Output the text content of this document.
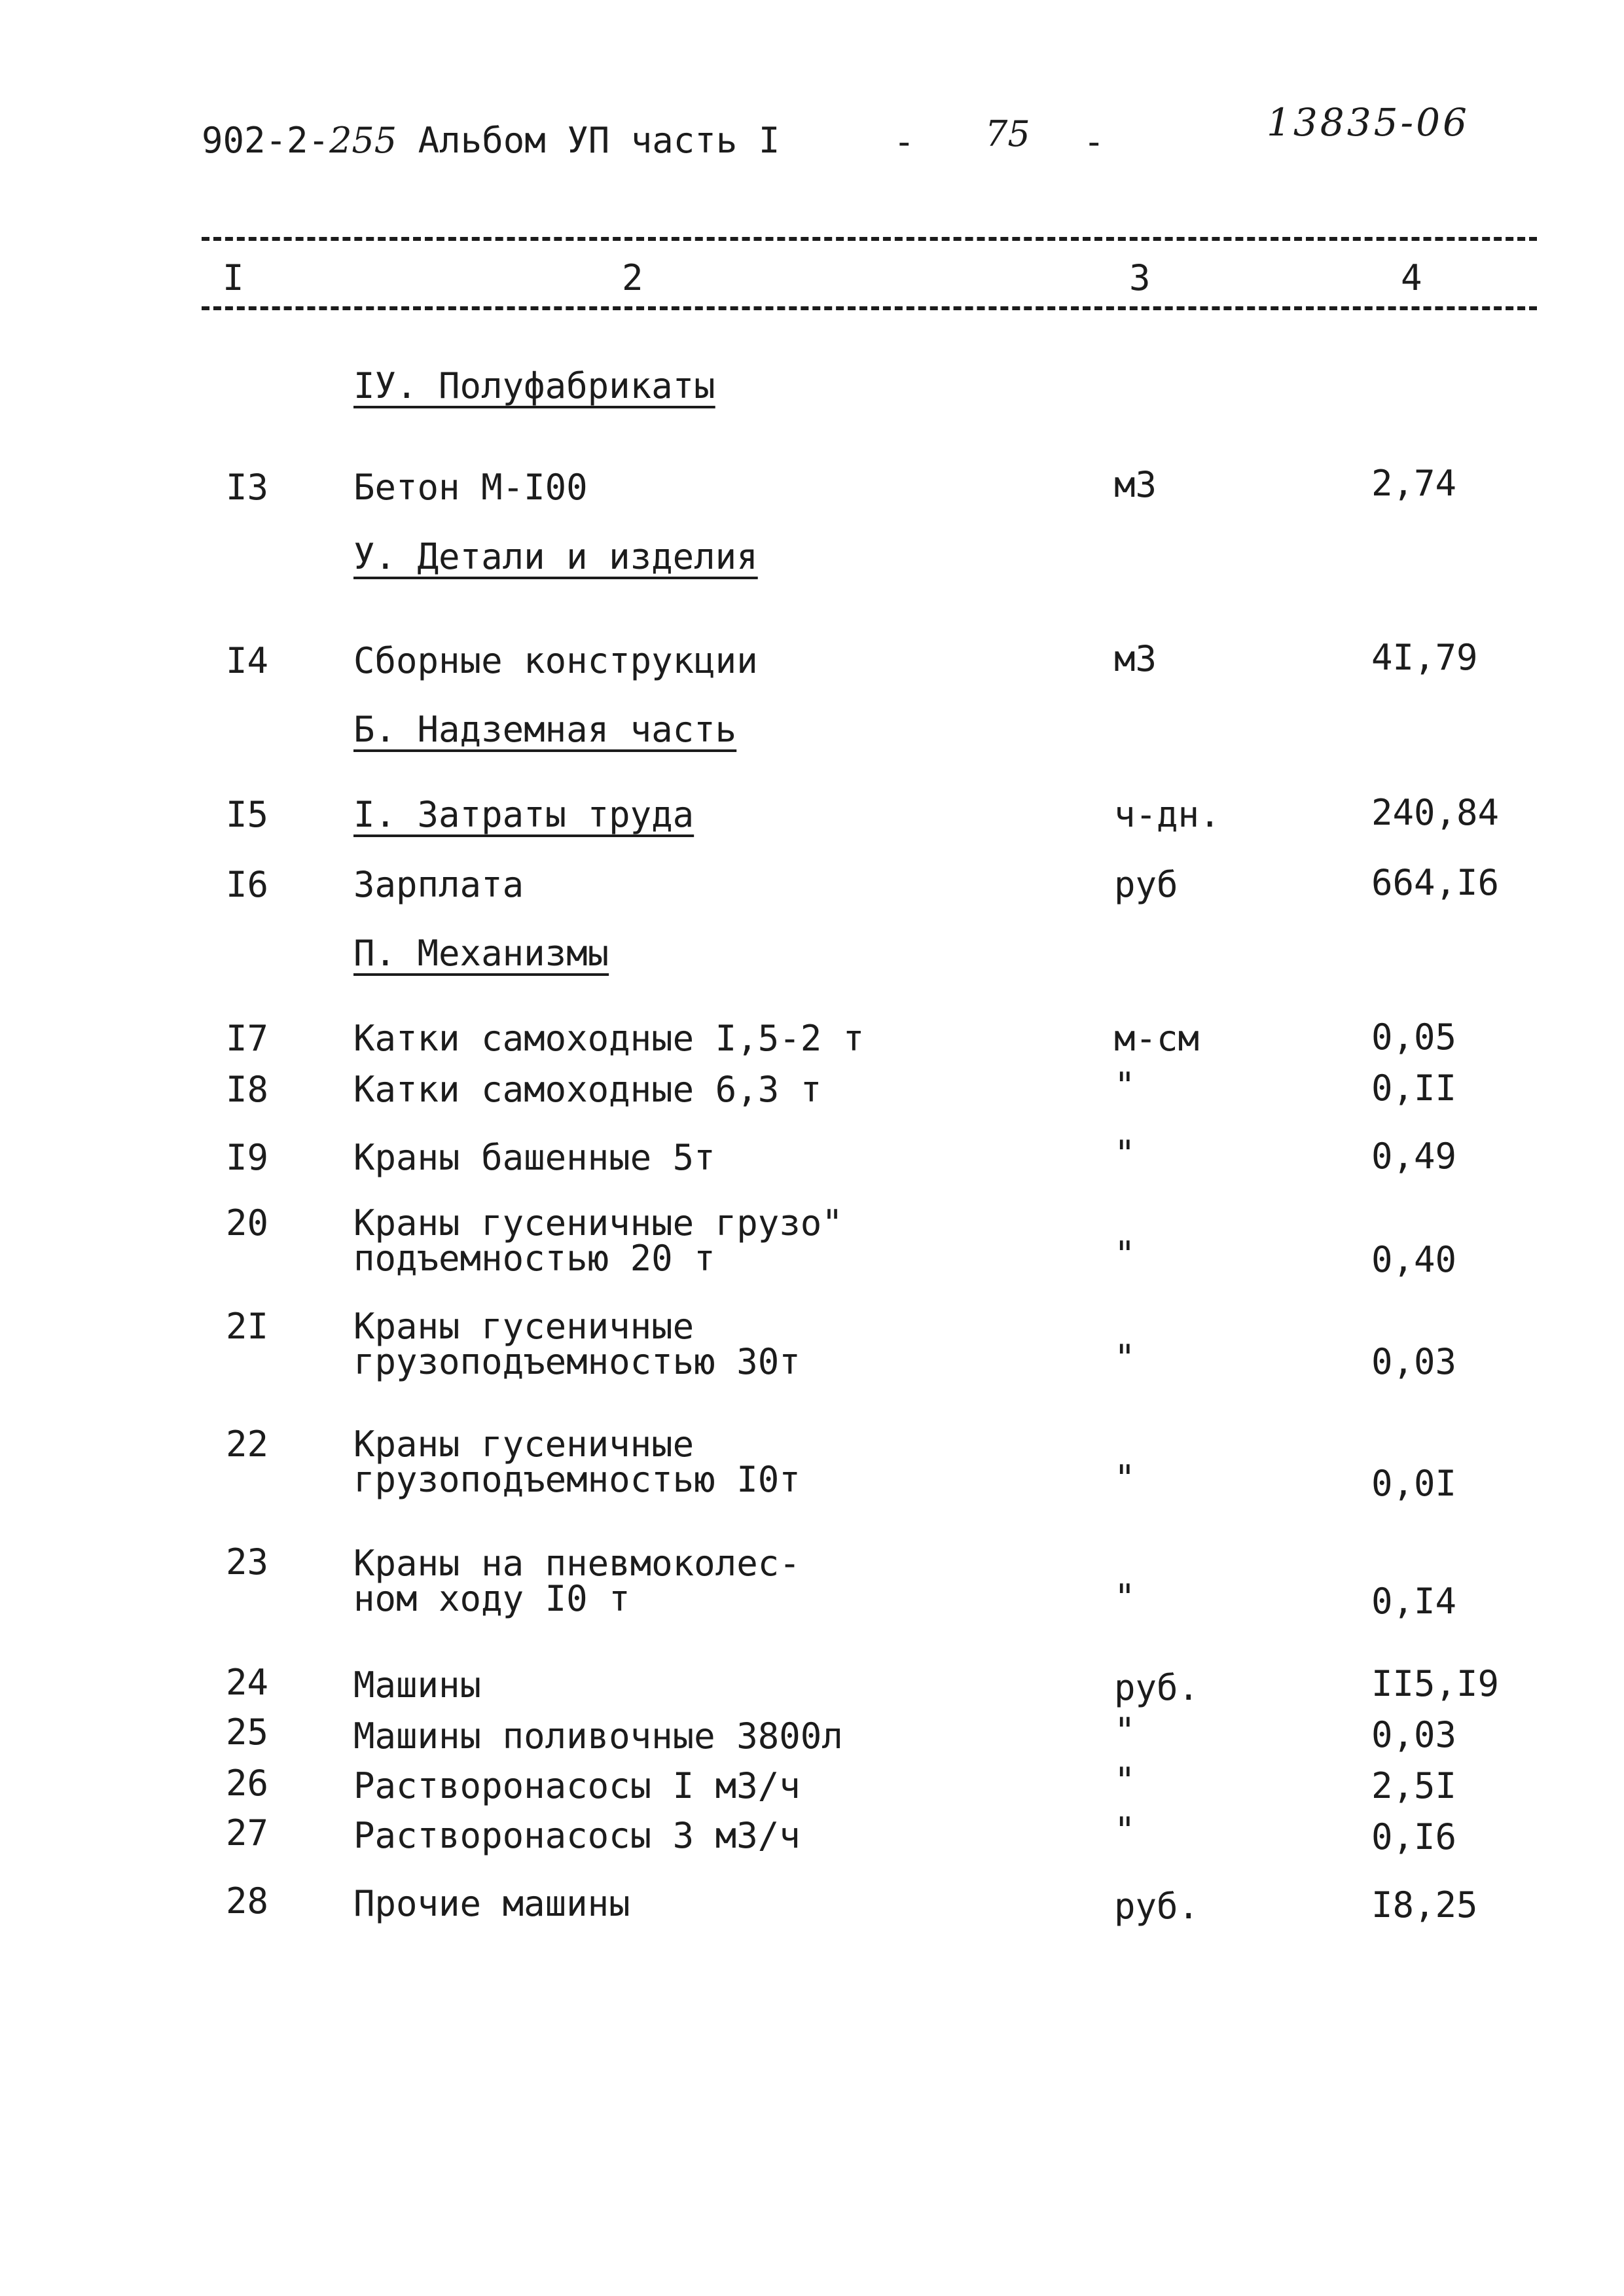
902-2-255 Альбом УП часть I	- 75 -	13835-06
I	2	3	4
IУ. Полуфабрикаты
I3 Бетон М-I00	м3	2,74
У. Детали и изделия
I4 Сборные конструкции	м3	4I,79
Б. Надземная часть
I5 I. Затраты труда	ч-дн.	240,84
I6 Зарплата	руб	664,I6
П. Механизмы
I7 Катки самоходные I,5-2 т	м-см	0,05
I8 Катки самоходные 6,3 т	"	0,II
I9 Краны башенные 5т	"	0,49
20 Краны гусеничные грузо"
подъемностью 20 т	"	0,40
2I Краны гусеничные
грузоподъемностью 30т	"	0,03
22 Краны гусеничные
грузоподъемностью I0т	"	0,0I
23 Краны на пневмоколес-
ном ходу I0 т	"	0,I4
24 Машины	руб.	II5,I9
25 Машины поливочные 3800л	"	0,03
26 Растворонасосы I м3/ч	"	2,5I
27 Растворонасосы 3 м3/ч	"	0,I6
28 Прочие машины	руб.	I8,25
